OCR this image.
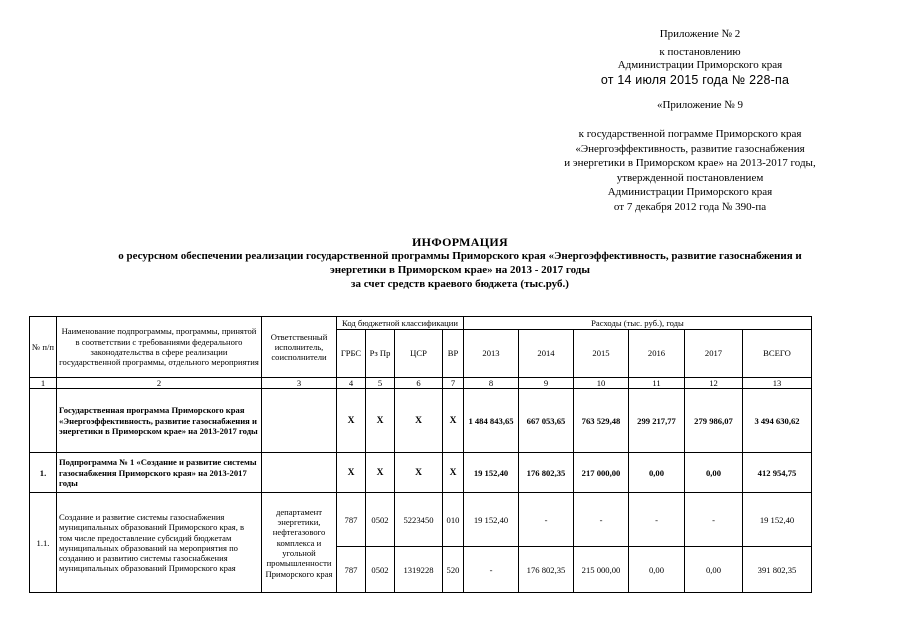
Приложение № 2
к постановлению
Администрации Приморского края
от 14 июля 2015 года № 228-па
«Приложение № 9
к государственной пограмме Приморского края
«Энергоэффективность, развитие газоснабжения
и энергетики в Приморском крае» на 2013-2017 годы,
утвержденной постановлением
Администрации Приморского края
от 7 декабря 2012 года № 390-па
ИНФОРМАЦИЯ
о ресурсном обеспечении реализации государственной программы Приморского края «Энергоэффективность, развитие газоснабжения и
энергетики в Приморском крае» на 2013 - 2017 годы
за счет средств краевого бюджета (тыс.руб.)
№ п/п	Наименование подпрограммы, программы, принятой в соответствии с требованиями федерального законодательства в сфере реализации государственной программы, отдельного мероприятия	Ответственный исполнитель, соисполнители	Код бюджетной классификации				Расходы (тыс. руб.), годы					
			ГРБС	Рз Пр	ЦСР	ВР	2013	2014	2015	2016	2017	ВСЕГО
1	2	3	4	5	6	7	8	9	10	11	12	13
	Государственная программа Приморского края «Энергоэффективность, развитие газоснабжения и энергетики в Приморском крае» на 2013-2017 годы		X	X	X	X	1 484 843,65	667 053,65	763 529,48	299 217,77	279 986,07	3 494 630,62
1.	Подпрограмма № 1 «Создание и развитие системы газоснабжения Приморского края» на 2013-2017 годы		X	X	X	X	19 152,40	176 802,35	217 000,00	0,00	0,00	412 954,75
1.1.	Создание и развитие системы газоснабжения муниципальных образований Приморского края, в том числе предоставление субсидий бюджетам муниципальных образований на мероприятия по созданию и развитию системы газоснабжения муниципальных образований Приморского края	департамент энергетики, нефтегазового комплекса и угольной промышленности Приморского края	787	0502	5223450	010	19 152,40	-	-	-	-	19 152,40
			787	0502	1319228	520	-	176 802,35	215 000,00	0,00	0,00	391 802,35
